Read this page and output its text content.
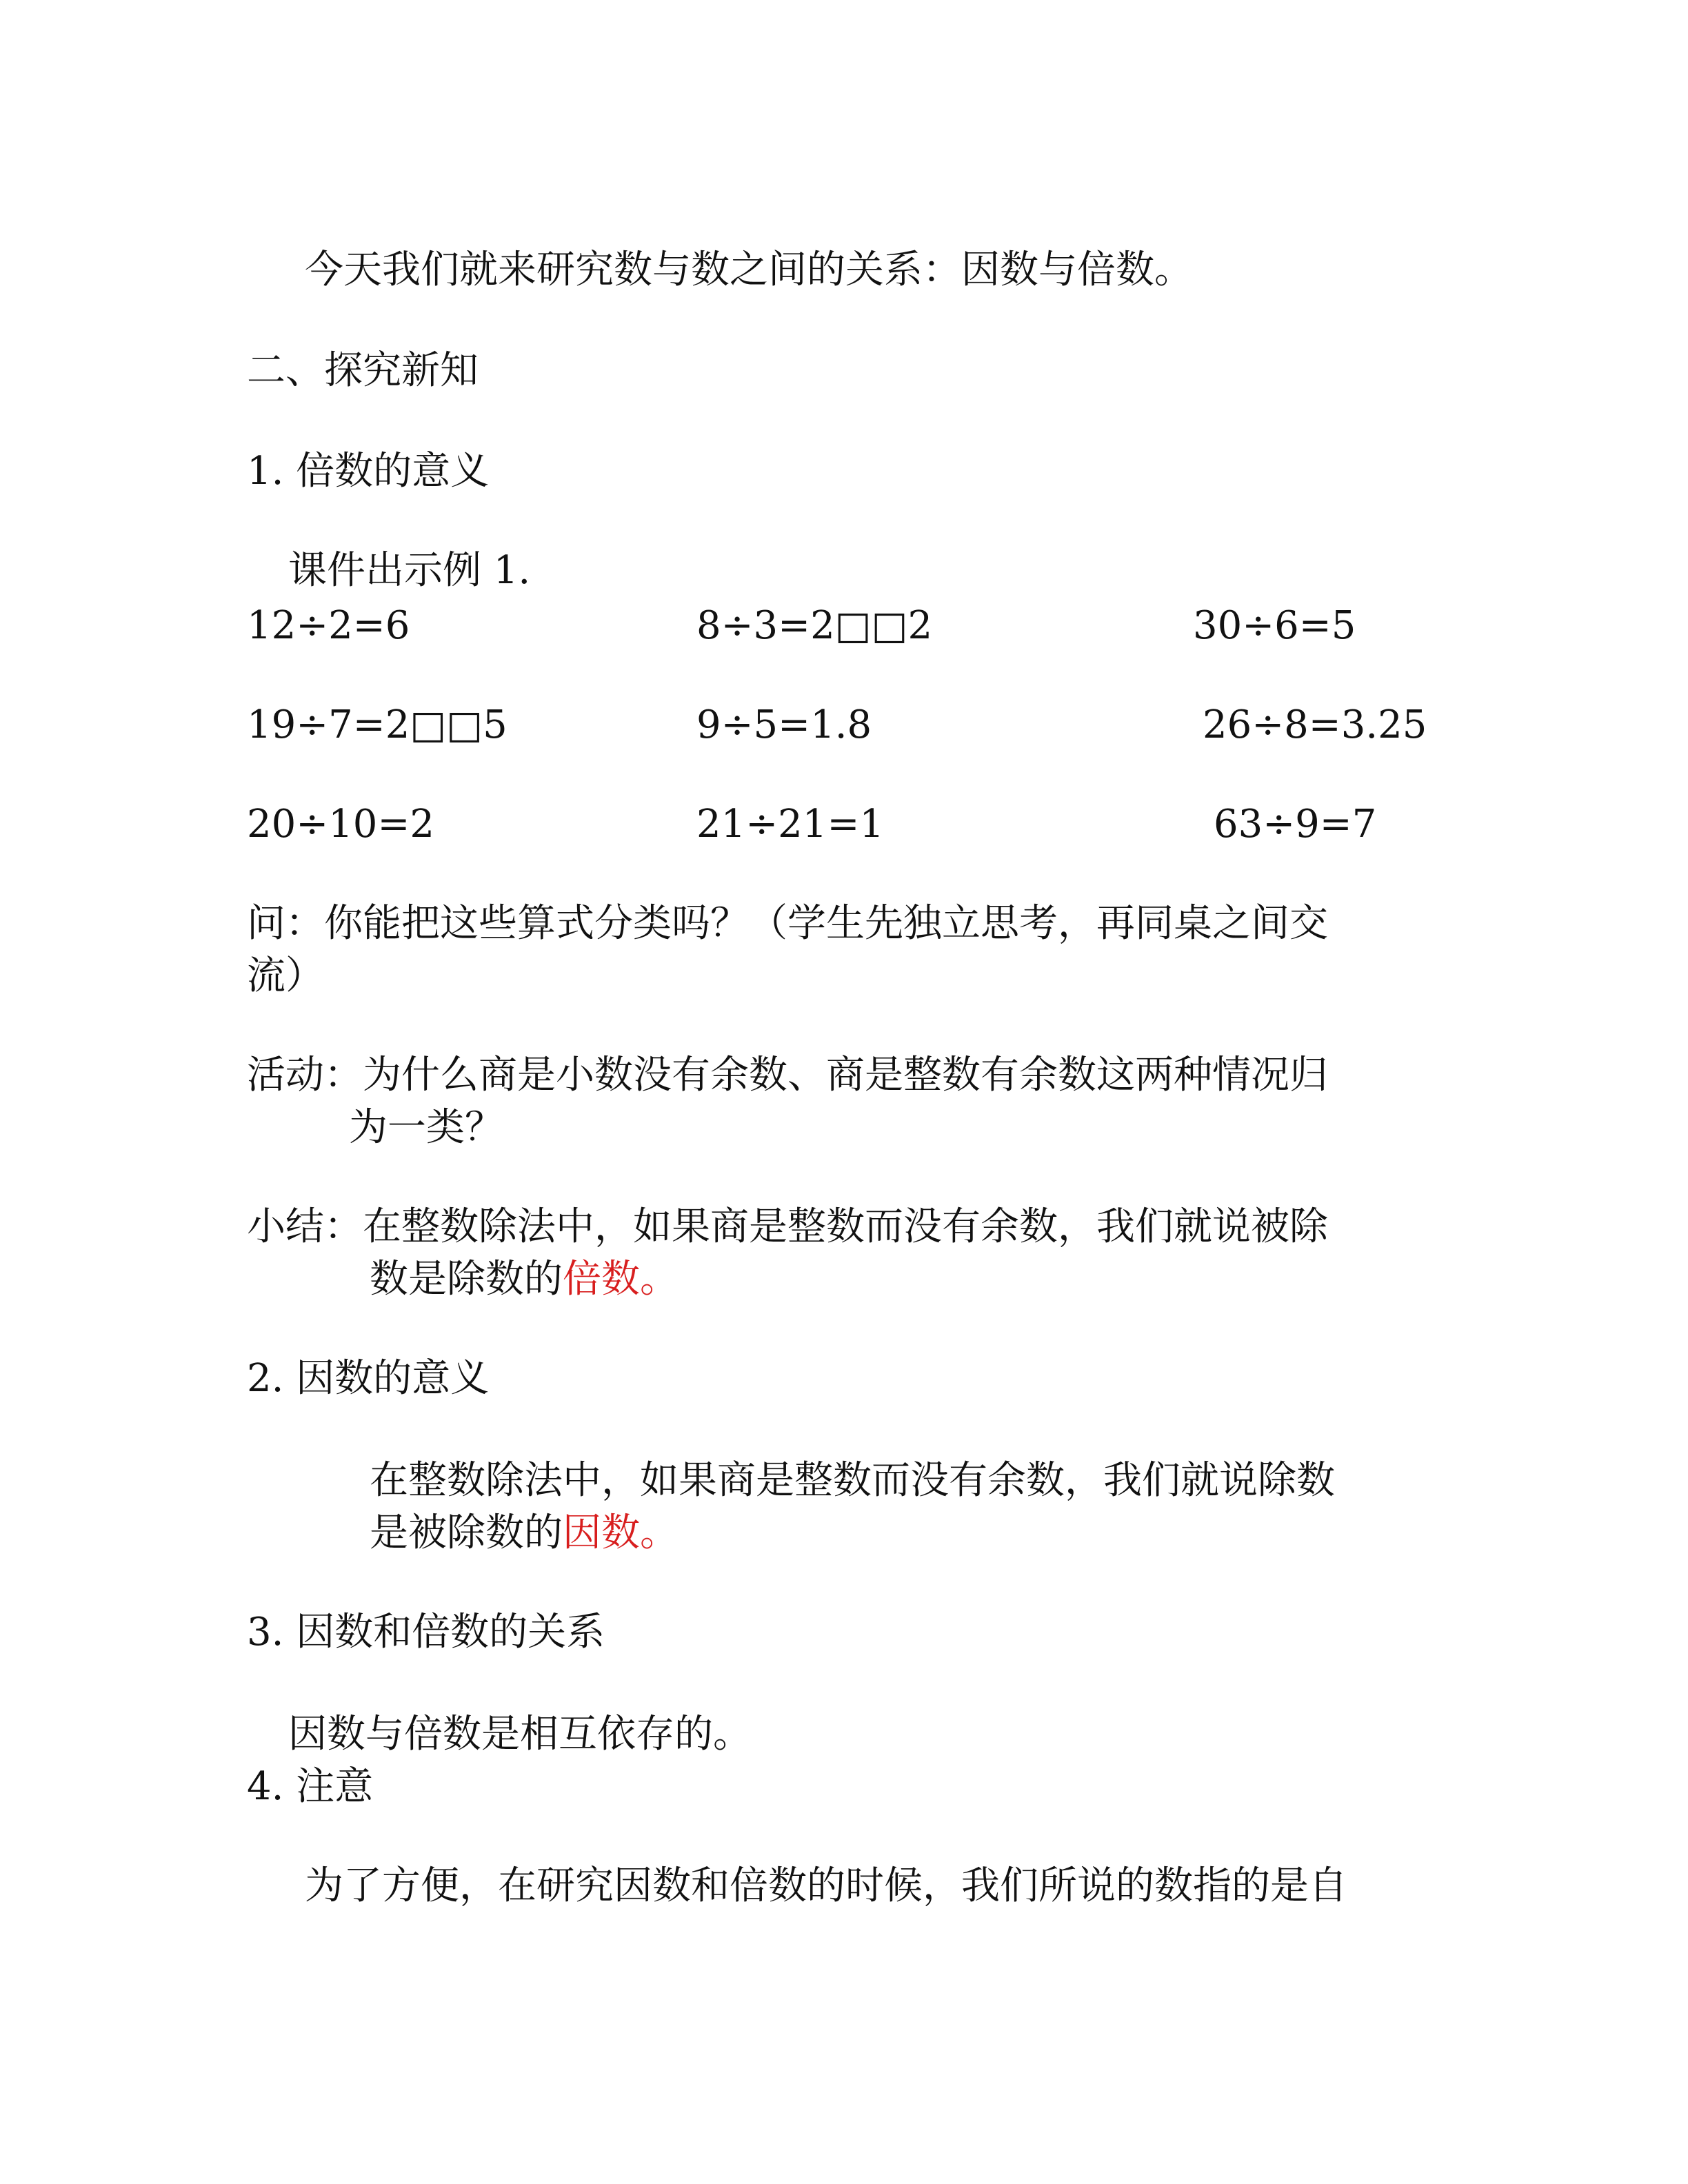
今天我们就来研究数与数之间的关系：因数与倍数。
二、探究新知
1. 倍数的意义
课件出示例 1.
12÷2=6	8÷3=2□□2	30÷6=5
19÷7=2□□5	9÷5=1.8	26÷8=3.25
20÷10=2	21÷21=1	63÷9=7
问：你能把这些算式分类吗？（学生先独立思考，再同桌之间交
流）
活动：为什么商是小数没有余数、商是整数有余数这两种情况归
为一类？
小结：在整数除法中，如果商是整数而没有余数，我们就说被除
数是除数的倍数。
2. 因数的意义
在整数除法中，如果商是整数而没有余数，我们就说除数
是被除数的因数。
3. 因数和倍数的关系
因数与倍数是相互依存的。
4. 注意
为了方便，在研究因数和倍数的时候，我们所说的数指的是自
